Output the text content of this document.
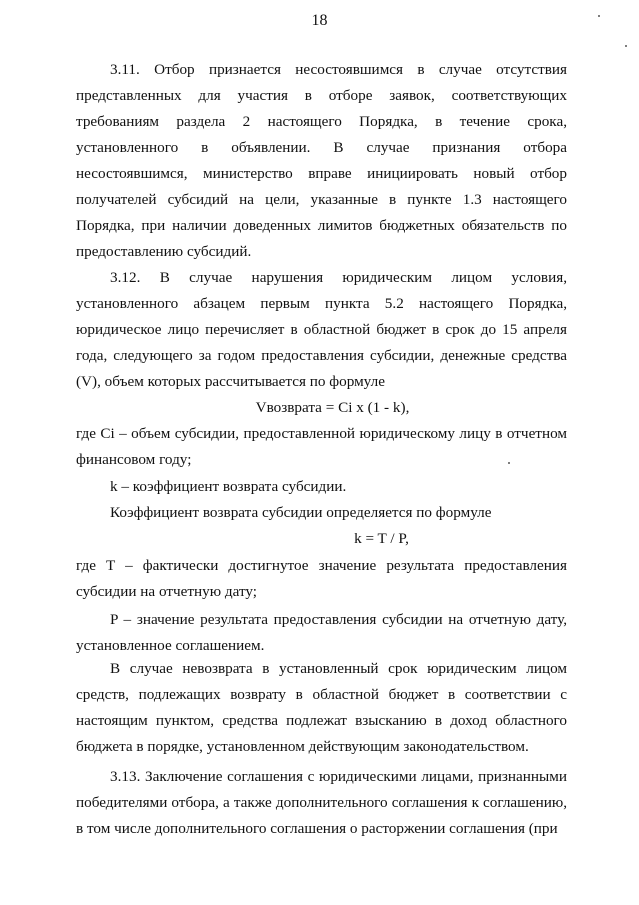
18

3.11. Отбор признается несостоявшимся в случае отсутствия представленных для участия в отборе заявок, соответствующих требованиям раздела 2 настоящего Порядка, в течение срока, установленного в объявлении. В случае признания отбора несостоявшимся, министерство вправе инициировать новый отбор получателей субсидий на цели, указанные в пункте 1.3 настоящего Порядка, при наличии доведенных лимитов бюджетных обязательств по предоставлению субсидий.

3.12. В случае нарушения юридическим лицом условия, установленного абзацем первым пункта 5.2 настоящего Порядка, юридическое лицо перечисляет в областной бюджет в срок до 15 апреля года, следующего за годом предоставления субсидии, денежные средства (V), объем которых рассчитывается по формуле

Vвозврата = Ci x (1 - k),

где Ci – объем субсидии, предоставленной юридическому лицу в отчетном финансовом году;

k – коэффициент возврата субсидии.

Коэффициент возврата субсидии определяется по формуле

k = T / P,

где T – фактически достигнутое значение результата предоставления субсидии на отчетную дату;

P – значение результата предоставления субсидии на отчетную дату, установленное соглашением.

В случае невозврата в установленный срок юридическим лицом средств, подлежащих возврату в областной бюджет в соответствии с настоящим пунктом, средства подлежат взысканию в доход областного бюджета в порядке, установленном действующим законодательством.

3.13. Заключение соглашения с юридическими лицами, признанными победителями отбора, а также дополнительного соглашения к соглашению, в том числе дополнительного соглашения о расторжении соглашения (при
